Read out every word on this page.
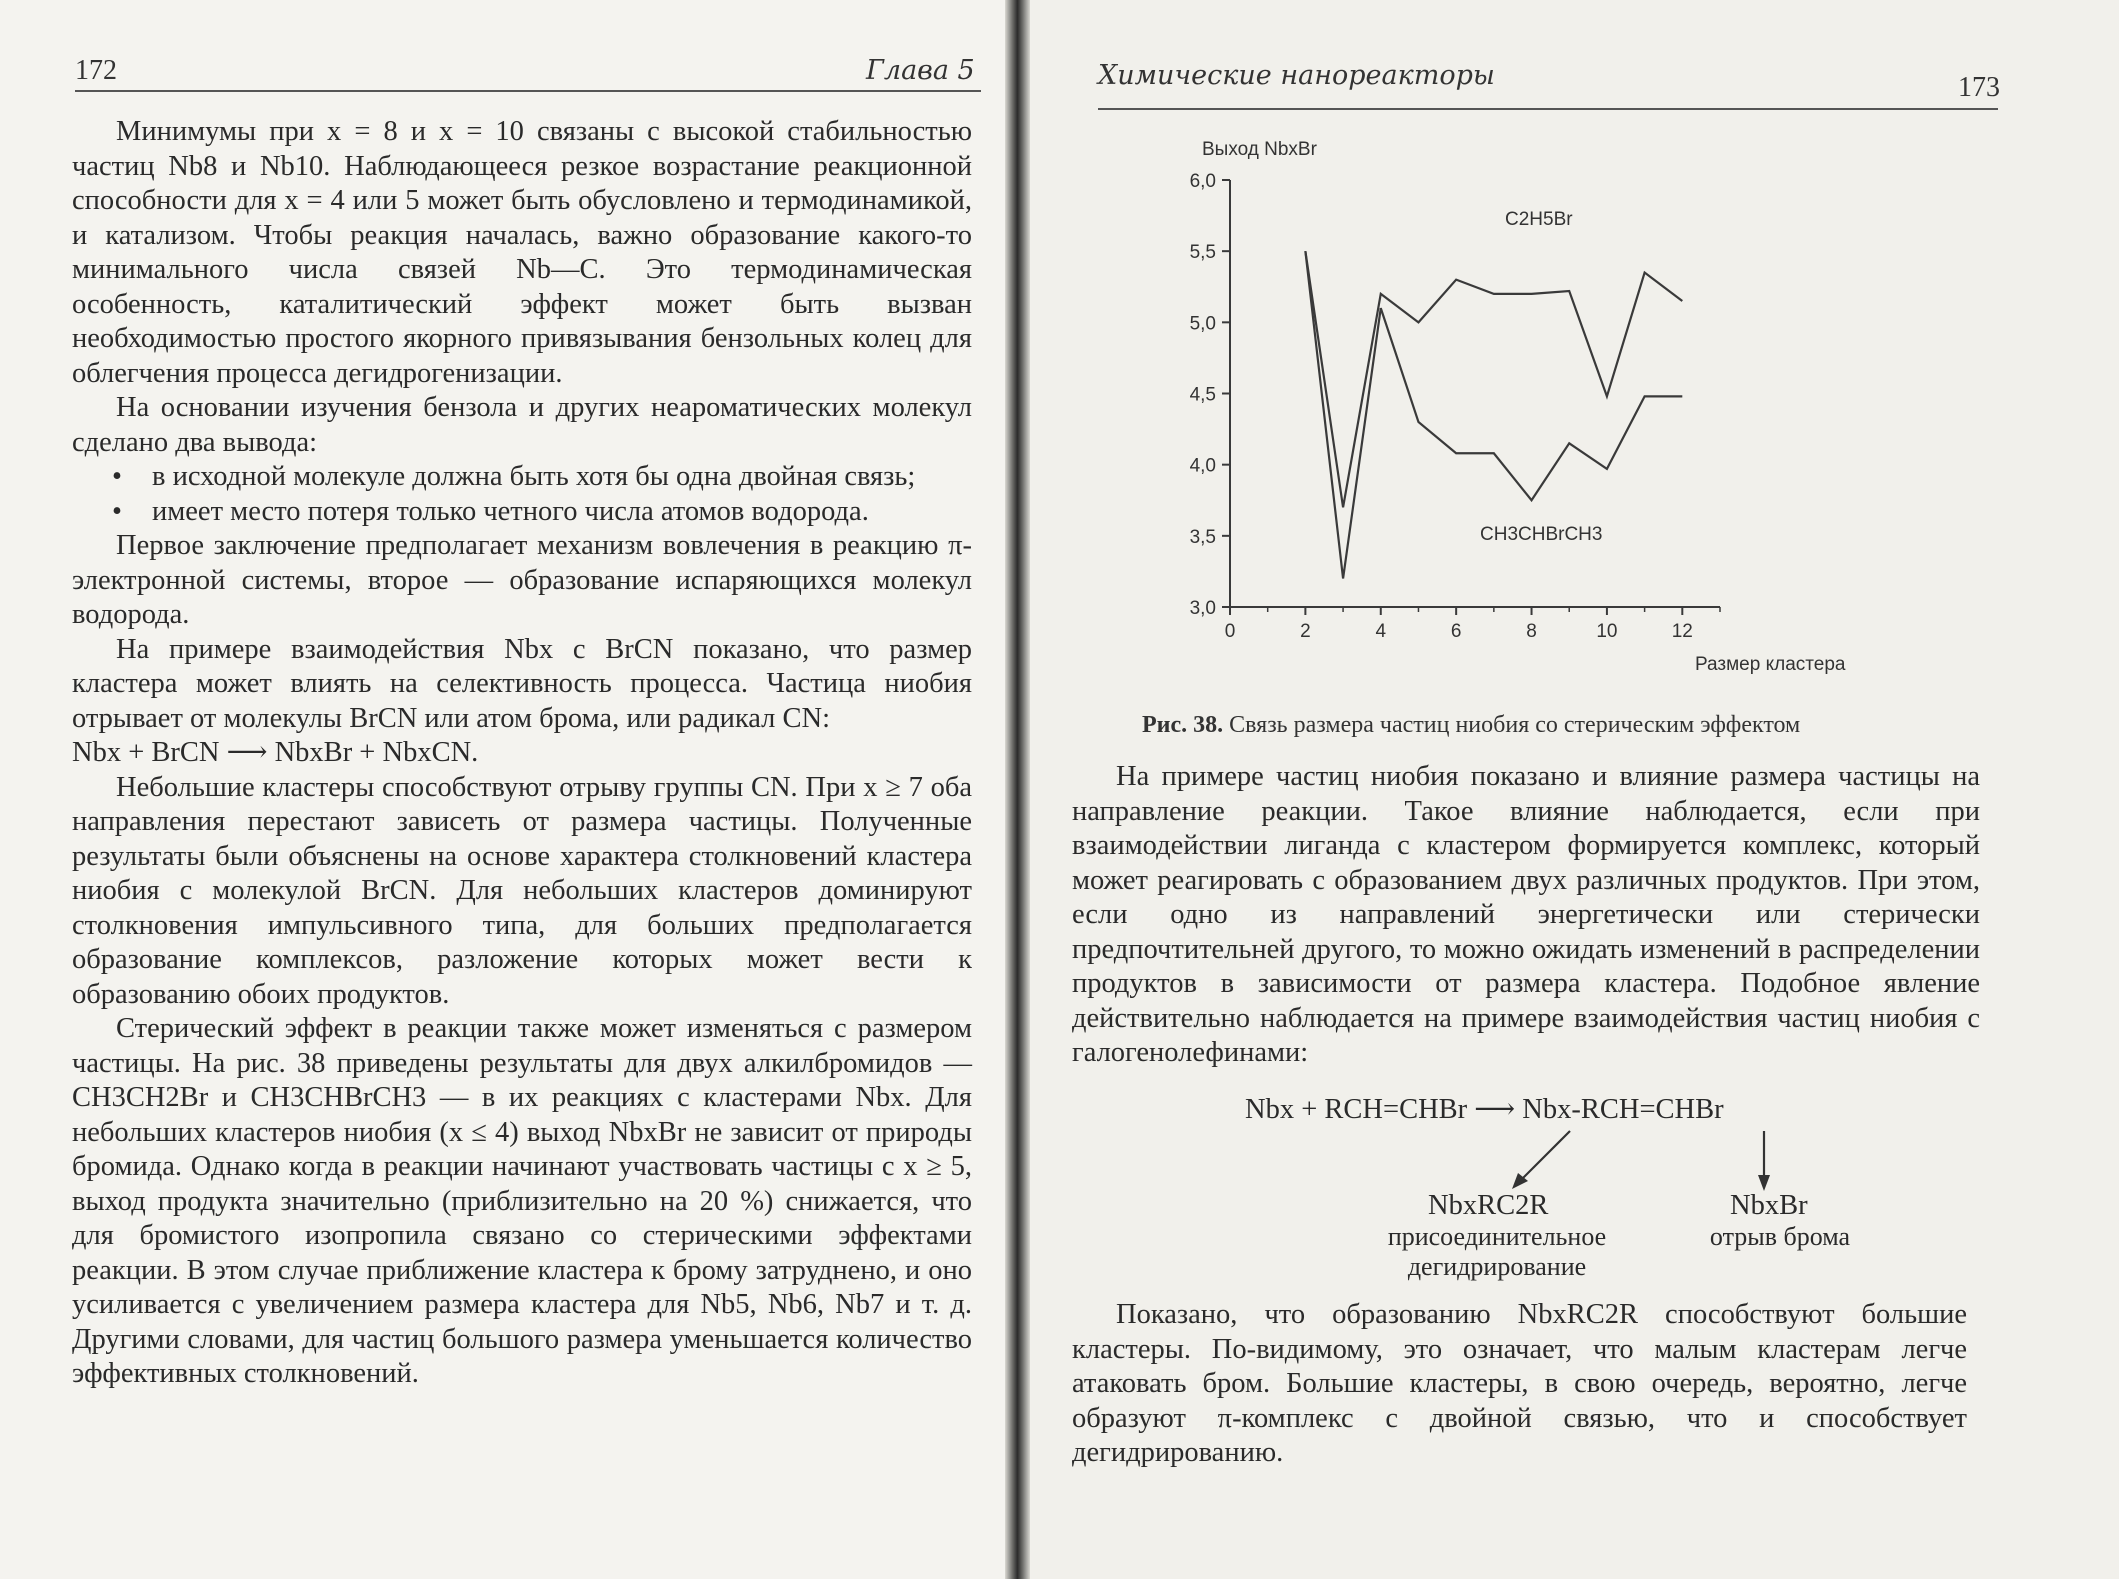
172	Глава 5

Минимумы при x = 8 и x = 10 связаны с высокой стабильностью частиц Nb8 и Nb10. Наблюдающееся резкое возрастание реакционной способности для x = 4 или 5 может быть обусловлено и термодинамикой, и катализом. Чтобы реакция началась, важно образование какого-то минимального числа связей Nb—C. Это термодинамическая особенность, каталитический эффект может быть вызван необходимостью простого якорного привязывания бензольных колец для облегчения процесса дегидрогенизации.

На основании изучения бензола и других неароматических молекул сделано два вывода:

• в исходной молекуле должна быть хотя бы одна двойная связь;

• имеет место потеря только четного числа атомов водорода.

Первое заключение предполагает механизм вовлечения в реакцию π-электронной системы, второе — образование испаряющихся молекул водорода.

На примере взаимодействия Nbx с BrCN показано, что размер кластера может влиять на селективность процесса. Частица ниобия отрывает от молекулы BrCN или атом брома, или радикал CN:

Nbx + BrCN ⟶ NbxBr + NbxCN.

Небольшие кластеры способствуют отрыву группы CN. При x ≥ 7 оба направления перестают зависеть от размера частицы. Полученные результаты были объяснены на основе характера столкновений кластера ниобия с молекулой BrCN. Для небольших кластеров доминируют столкновения импульсивного типа, для больших предполагается образование комплексов, разложение которых может вести к образованию обоих продуктов.

Стерический эффект в реакции также может изменяться с размером частицы. На рис. 38 приведены результаты для двух алкилбромидов — CH3CH2Br и CH3CHBrCH3 — в их реакциях с кластерами Nbx. Для небольших кластеров ниобия (x ≤ 4) выход NbxBr не зависит от природы бромида. Однако когда в реакции начинают участвовать частицы с x ≥ 5, выход продукта значительно (приблизительно на 20 %) снижается, что для бромистого изопропила связано со стерическими эффектами реакции. В этом случае приближение кластера к брому затруднено, и оно усиливается с увеличением размера кластера для Nb5, Nb6, Nb7 и т. д. Другими словами, для частиц большого размера уменьшается количество эффективных столкновений.

Химические нанореакторы	173
Выход NbxBr
3,0
3,5
4,0
4,5
5,0
5,5
6,0
0	2	4	6	8	10	12
Размер кластера
C2H5Br
CH3CHBrCH3
Рис. 38. Связь размера частиц ниобия со стерическим эффектом

На примере частиц ниобия показано и влияние размера частицы на направление реакции. Такое влияние наблюдается, если при взаимодействии лиганда с кластером формируется комплекс, который может реагировать с образованием двух различных продуктов. При этом, если одно из направлений энергетически или стерически предпочтительней другого, то можно ожидать изменений в распределении продуктов в зависимости от размера кластера. Подобное явление действительно наблюдается на примере взаимодействия частиц ниобия с галогенолефинами:

Nbx + RCH=CHBr ⟶ Nbx-RCH=CHBr
NbxRC2R
присоединительное
дегидрирование
NbxBr
отрыв брома

Показано, что образованию NbxRC2R способствуют большие кластеры. По-видимому, это означает, что малым кластерам легче атаковать бром. Большие кластеры, в свою очередь, вероятно, легче образуют π-комплекс с двойной связью, что и способствует дегидрированию.
